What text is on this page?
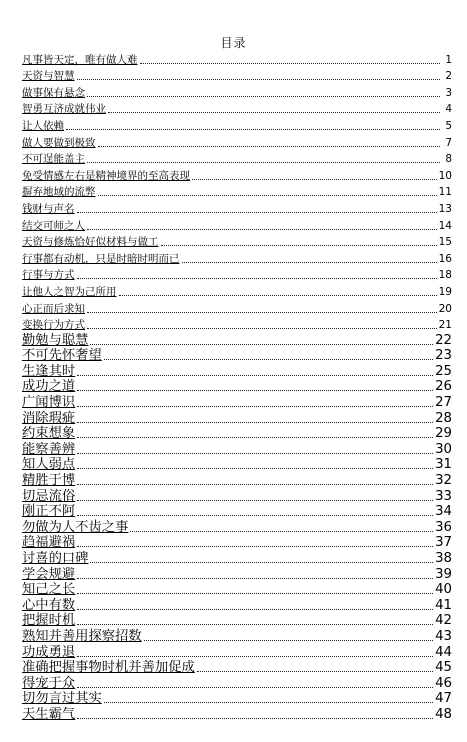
目录
凡事皆天定，唯有做人难	1
天资与智慧	2
做事保有悬念	3
智勇互济成就伟业	4
让人依赖	5
做人要做到极致	7
不可逞能盖主	8
免受情感左右是精神境界的至高表现	10
摒弃地域的流弊	11
钱财与声名	13
结交可师之人	14
天资与修炼恰好似材料与做工	15
行事都有动机，只是时暗时明而已	16
行事与方式	18
让他人之智为己所用	19
心正而后求知	20
变换行为方式	21
勤勉与聪慧	22
不可先怀奢望	23
生逢其时	25
成功之道	26
广闻博识	27
消除瑕疵	28
约束想象	29
能察善辨	30
知人弱点	31
精胜于博	32
切忌流俗	33
刚正不阿	34
勿做为人不齿之事	36
趋福避祸	37
讨喜的口碑	38
学会规避	39
知己之长	40
心中有数	41
把握时机	42
熟知并善用探察招数	43
功成勇退	44
准确把握事物时机并善加促成	45
得宠于众	46
切勿言过其实	47
天生霸气	48
